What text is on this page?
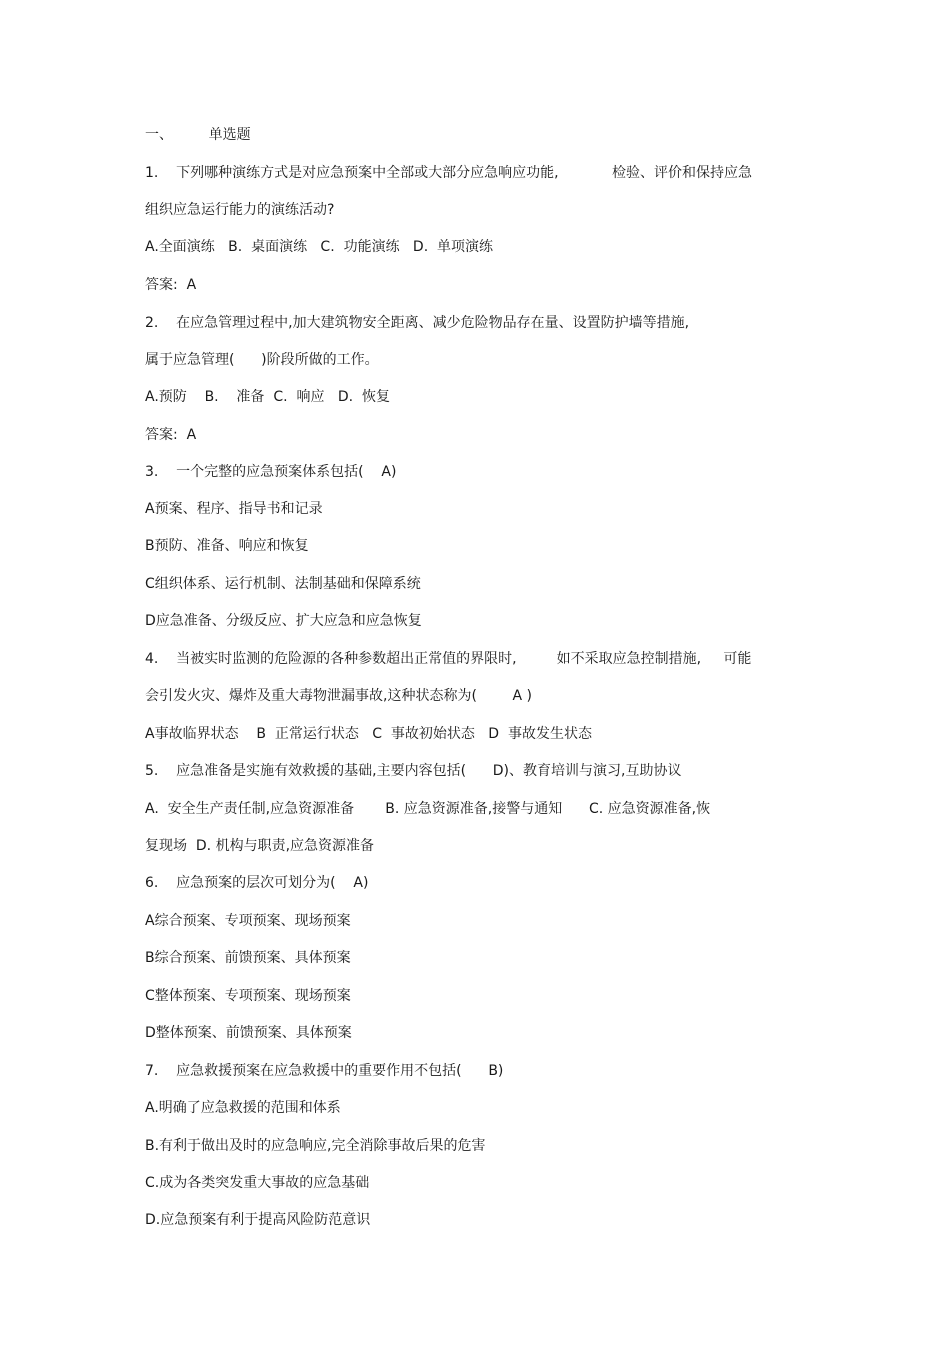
一、        单选题
1.    下列哪种演练方式是对应急预案中全部或大部分应急响应功能,            检验、评价和保持应急
组织应急运行能力的演练活动?
A.全面演练   B.  桌面演练   C.  功能演练   D.  单项演练
答案:  A
2.    在应急管理过程中,加大建筑物安全距离、减少危险物品存在量、设置防护墙等措施,
属于应急管理(      )阶段所做的工作。
A.预防    B.    准备  C.  响应   D.  恢复
答案:  A
3.    一个完整的应急预案体系包括(    A)
A预案、程序、指导书和记录
B预防、准备、响应和恢复
C组织体系、运行机制、法制基础和保障系统
D应急准备、分级反应、扩大应急和应急恢复
4.    当被实时监测的危险源的各种参数超出正常值的界限时,         如不采取应急控制措施,     可能
会引发火灾、爆炸及重大毒物泄漏事故,这种状态称为(        A )
A事故临界状态    B  正常运行状态   C  事故初始状态   D  事故发生状态
5.    应急准备是实施有效救援的基础,主要内容包括(      D)、教育培训与演习,互助协议
A.  安全生产责任制,应急资源准备       B. 应急资源准备,接警与通知      C. 应急资源准备,恢
复现场  D. 机构与职责,应急资源准备
6.    应急预案的层次可划分为(    A)
A综合预案、专项预案、现场预案
B综合预案、前馈预案、具体预案
C整体预案、专项预案、现场预案
D整体预案、前馈预案、具体预案
7.    应急救援预案在应急救援中的重要作用不包括(      B)
A.明确了应急救援的范围和体系
B.有利于做出及时的应急响应,完全消除事故后果的危害
C.成为各类突发重大事故的应急基础
D.应急预案有利于提高风险防范意识
